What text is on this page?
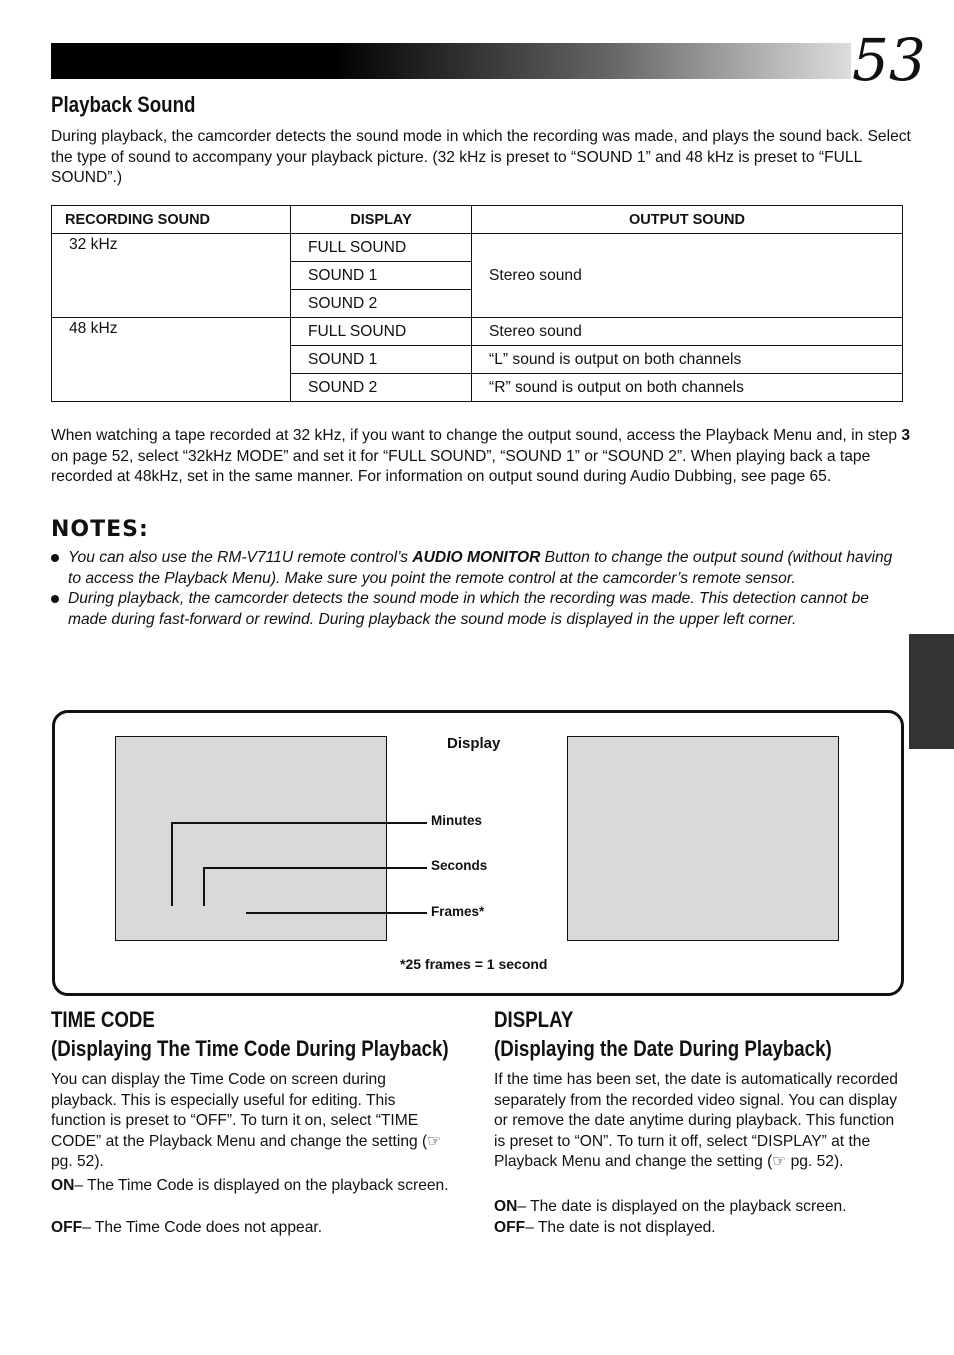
53
Playback Sound
During playback, the camcorder detects the sound mode in which the recording was made, and plays the sound back. Select the type of sound to accompany your playback picture. (32 kHz is preset to “SOUND 1” and 48 kHz is preset to “FULL SOUND”.)
RECORDING SOUND	DISPLAY	OUTPUT SOUND
32 kHz	FULL SOUND	Stereo sound
	SOUND 1	
	SOUND 2	
48 kHz	FULL SOUND	Stereo sound
	SOUND 1	“L” sound is output on both channels
	SOUND 2	“R” sound is output on both channels
When watching a tape recorded at 32 kHz, if you want to change the output sound, access the Playback Menu and, in step 3 on page 52, select “32kHz MODE” and set it for “FULL SOUND”, “SOUND 1” or “SOUND 2”. When playing back a tape recorded at 48kHz, set in the same manner. For information on output sound during Audio Dubbing, see page 65.
NOTES:
You can also use the RM-V711U remote control’s AUDIO MONITOR Button to change the output sound (without having to access the Playback Menu). Make sure you point the remote control at the camcorder’s remote sensor.
During playback, the camcorder detects the sound mode in which the recording was made. This detection cannot be made during fast-forward or rewind. During playback the sound mode is displayed in the upper left corner.
Display
Minutes
Seconds
Frames*
*25 frames = 1 second
TIME CODE
(Displaying The Time Code During Playback)
You can display the Time Code on screen during playback. This is especially useful for editing. This function is preset to “OFF”. To turn it on, select “TIME CODE” at the Playback Menu and change the setting (☞ pg. 52).
ON– The Time Code is displayed on the playback screen.
OFF– The Time Code does not appear.
DISPLAY
(Displaying the Date During Playback)
If the time has been set, the date is automatically recorded separately from the recorded video signal. You can display or remove the date anytime during playback. This function is preset to “ON”. To turn it off, select “DISPLAY” at the Playback Menu and change the setting (☞ pg. 52).
ON– The date is displayed on the playback screen.
OFF– The date is not displayed.
